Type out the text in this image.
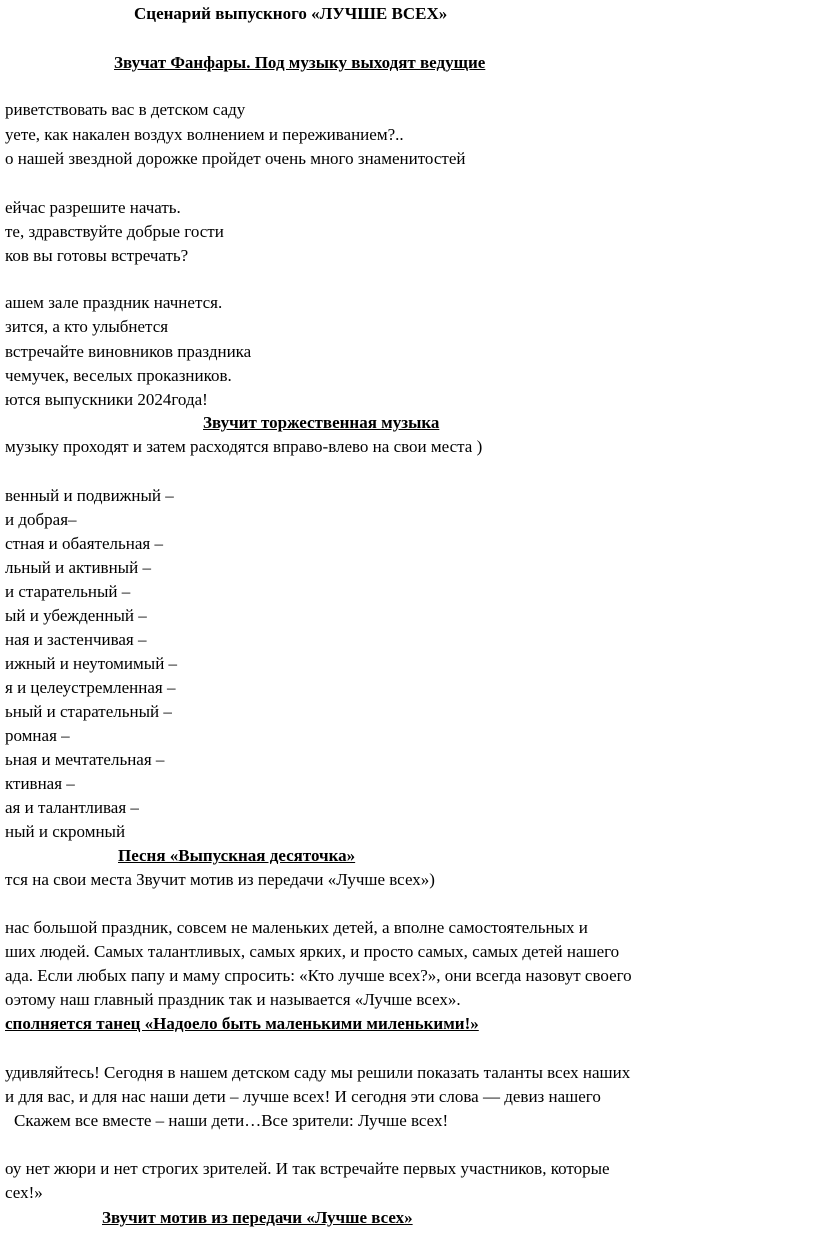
Сценарий выпускного «ЛУЧШЕ ВСЕХ»
Звучат Фанфары. Под музыку выходят ведущие
риветствовать вас в детском саду
уете, как накален воздух волнением и переживанием?..
о нашей звездной дорожке пройдет очень много знаменитостей
ейчас разрешите начать.
те, здравствуйте добрые гости
ков вы готовы встречать?
ашем зале праздник начнется.
зится, а кто улыбнется
встречайте виновников праздника
чемучек, веселых проказников.
ются выпускники 2024года!
Звучит торжественная музыка
музыку проходят и затем расходятся вправо-влево на свои места )
венный и подвижный –
и добрая–
стная и обаятельная –
льный и активный –
и старательный –
ый и убежденный –
ная и застенчивая –
ижный и неутомимый –
я и целеустремленная –
ьный и старательный –
ромная –
ьная и мечтательная –
ктивная –
ая и талантливая –
ный и скромный
Песня «Выпускная десяточка»
тся на свои места Звучит мотив из передачи «Лучше всех»)
нас большой праздник, совсем не маленьких детей, а вполне самостоятельных и
ших людей. Самых талантливых, самых ярких, и просто самых, самых детей нашего
ада. Если любых папу и маму спросить: «Кто лучше всех?», они всегда назовут своего
оэтому наш главный праздник так и называется «Лучше всех».
сполняется танец «Надоело быть маленькими миленькими!»
удивляйтесь! Сегодня в нашем детском саду мы решили показать таланты всех наших
и для вас, и для нас наши дети – лучше всех! И сегодня эти слова — девиз нашего
Скажем все вместе – наши дети…Все зрители: Лучше всех!
оу нет жюри и нет строгих зрителей. И так встречайте первых участников, которые
сех!»
Звучит мотив из передачи «Лучше всех»
